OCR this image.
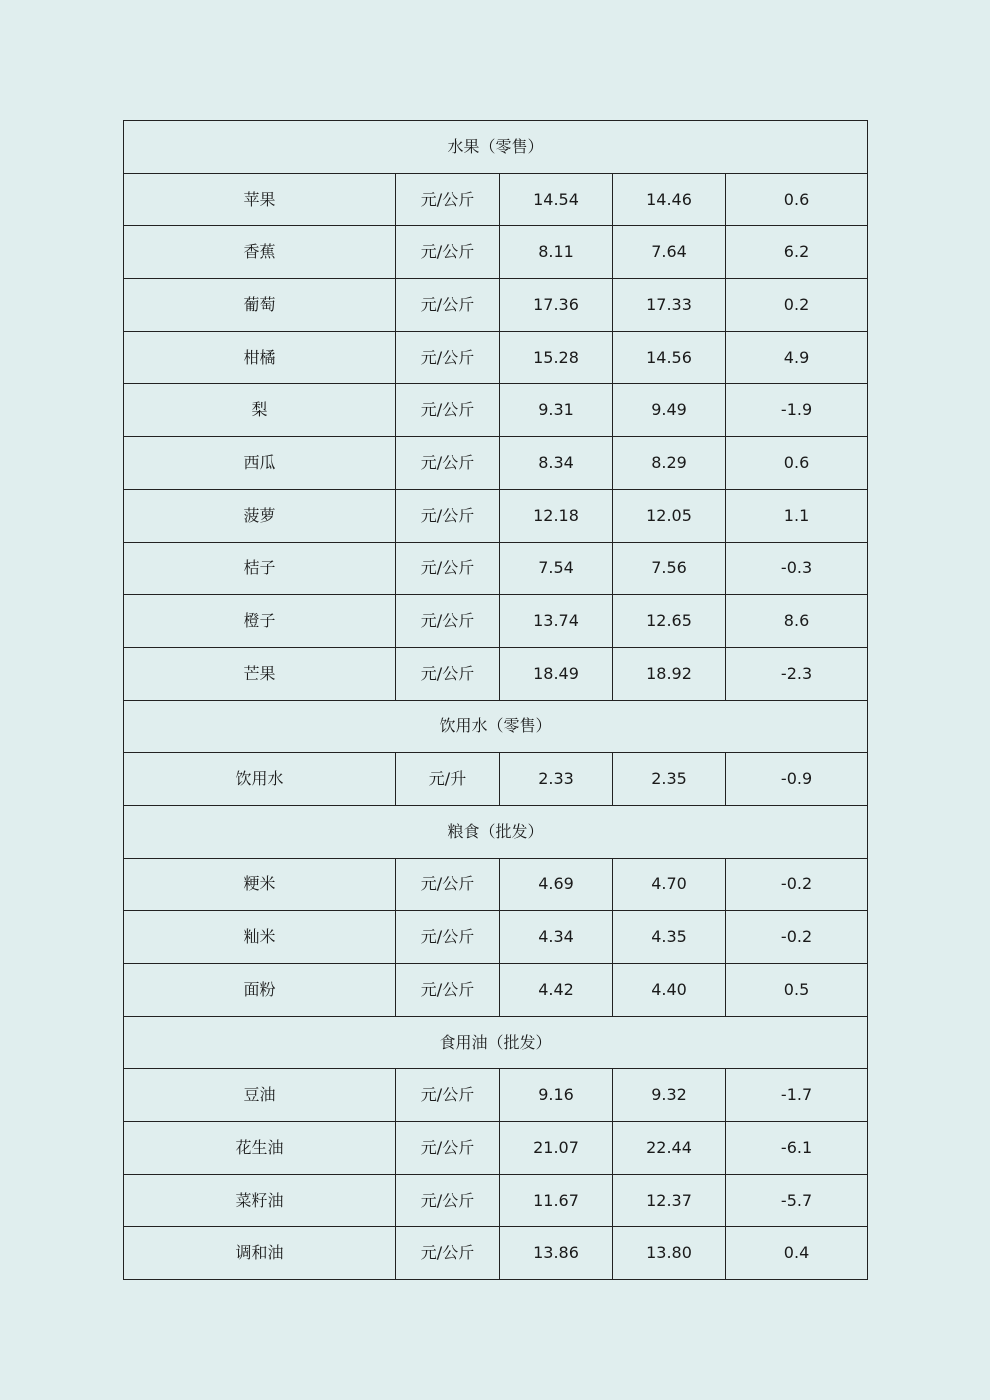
水果（零售）				
苹果	元/公斤	14.54	14.46	0.6
香蕉	元/公斤	8.11	7.64	6.2
葡萄	元/公斤	17.36	17.33	0.2
柑橘	元/公斤	15.28	14.56	4.9
梨	元/公斤	9.31	9.49	-1.9
西瓜	元/公斤	8.34	8.29	0.6
菠萝	元/公斤	12.18	12.05	1.1
桔子	元/公斤	7.54	7.56	-0.3
橙子	元/公斤	13.74	12.65	8.6
芒果	元/公斤	18.49	18.92	-2.3
饮用水（零售）				
饮用水	元/升	2.33	2.35	-0.9
粮食（批发）				
粳米	元/公斤	4.69	4.70	-0.2
籼米	元/公斤	4.34	4.35	-0.2
面粉	元/公斤	4.42	4.40	0.5
食用油（批发）				
豆油	元/公斤	9.16	9.32	-1.7
花生油	元/公斤	21.07	22.44	-6.1
菜籽油	元/公斤	11.67	12.37	-5.7
调和油	元/公斤	13.86	13.80	0.4
